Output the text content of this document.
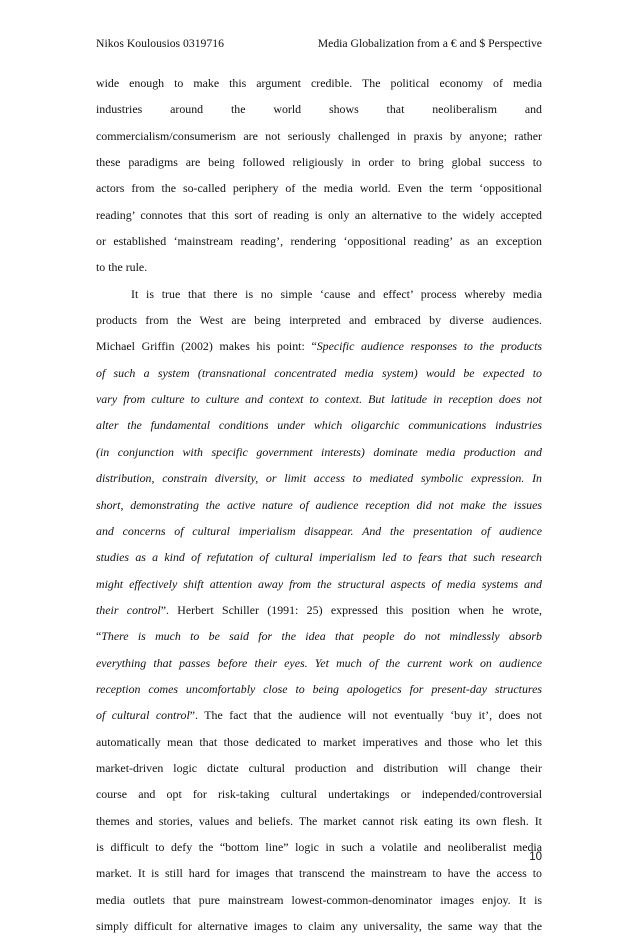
Nikos Koulousios 0319716	Media Globalization from a € and $ Perspective
wide enough to make this argument credible. The political economy of media
industries around the world shows that neoliberalism and
commercialism/consumerism are not seriously challenged in praxis by anyone; rather
these paradigms are being followed religiously in order to bring global success to
actors from the so-called periphery of the media world. Even the term ‘oppositional
reading’ connotes that this sort of reading is only an alternative to the widely accepted
or established ‘mainstream reading’, rendering ‘oppositional reading’ as an exception
to the rule.
It is true that there is no simple ‘cause and effect’ process whereby media
products from the West are being interpreted and embraced by diverse audiences.
Michael Griffin (2002) makes his point: “Specific audience responses to the products
of such a system (transnational concentrated media system) would be expected to
vary from culture to culture and context to context. But latitude in reception does not
alter the fundamental conditions under which oligarchic communications industries
(in conjunction with specific government interests) dominate media production and
distribution, constrain diversity, or limit access to mediated symbolic expression. In
short, demonstrating the active nature of audience reception did not make the issues
and concerns of cultural imperialism disappear. And the presentation of audience
studies as a kind of refutation of cultural imperialism led to fears that such research
might effectively shift attention away from the structural aspects of media systems and
their control”. Herbert Schiller (1991: 25) expressed this position when he wrote,
“There is much to be said for the idea that people do not mindlessly absorb
everything that passes before their eyes. Yet much of the current work on audience
reception comes uncomfortably close to being apologetics for present-day structures
of cultural control”. The fact that the audience will not eventually ‘buy it’, does not
automatically mean that those dedicated to market imperatives and those who let this
market-driven logic dictate cultural production and distribution will change their
course and opt for risk-taking cultural undertakings or independed/controversial
themes and stories, values and beliefs. The market cannot risk eating its own flesh. It
is difficult to defy the “bottom line” logic in such a volatile and neoliberalist media
market. It is still hard for images that transcend the mainstream to have the access to
media outlets that pure mainstream lowest-common-denominator images enjoy. It is
simply difficult for alternative images to claim any universality, the same way that the
10
